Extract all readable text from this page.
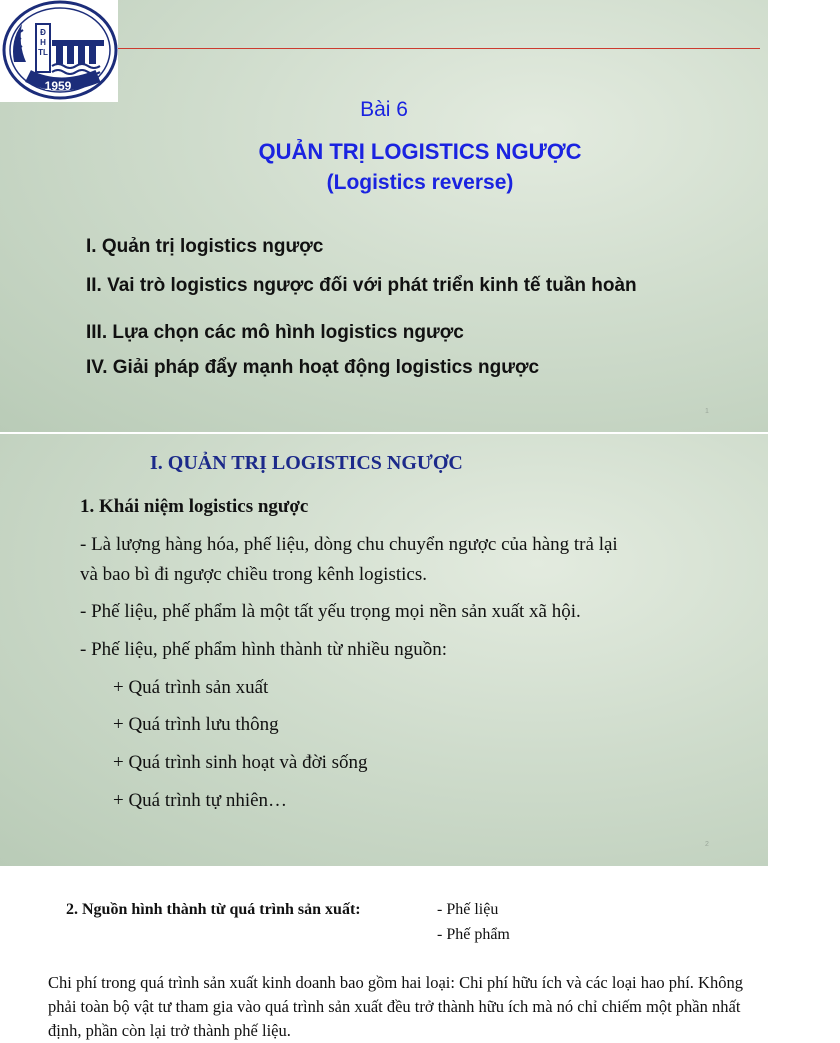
ĐHTL
1959
Bài 6
QUẢN TRỊ LOGISTICS NGƯỢC
(Logistics reverse)
I. Quản trị logistics ngược
II. Vai trò logistics ngược đối với phát triển kinh tế tuần hoàn
III. Lựa chọn các mô hình logistics ngược
IV. Giải pháp đẩy mạnh hoạt động logistics ngược
1
I. QUẢN TRỊ LOGISTICS NGƯỢC
1. Khái niệm logistics ngược
- Là lượng hàng hóa, phế liệu, dòng chu chuyển ngược của hàng trả lại
và bao bì đi ngược chiều trong kênh logistics.
- Phế liệu, phế phẩm là một tất yếu trọng mọi nền sản xuất xã hội.
- Phế liệu, phế phẩm hình thành từ nhiều nguồn:
+ Quá trình sản xuất
+ Quá trình lưu thông
+ Quá trình sinh hoạt và đời sống
+ Quá trình tự nhiên…
2
2. Nguồn hình thành từ quá trình sản xuất:	- Phế liệu
- Phế phẩm
Chi phí trong quá trình sản xuất kinh doanh bao gồm hai loại: Chi phí hữu ích và các loại hao phí. Không phải toàn bộ vật tư tham gia vào quá trình sản xuất đều trở thành hữu ích mà nó chỉ chiếm một phần nhất định, phần còn lại trở thành phế liệu.
